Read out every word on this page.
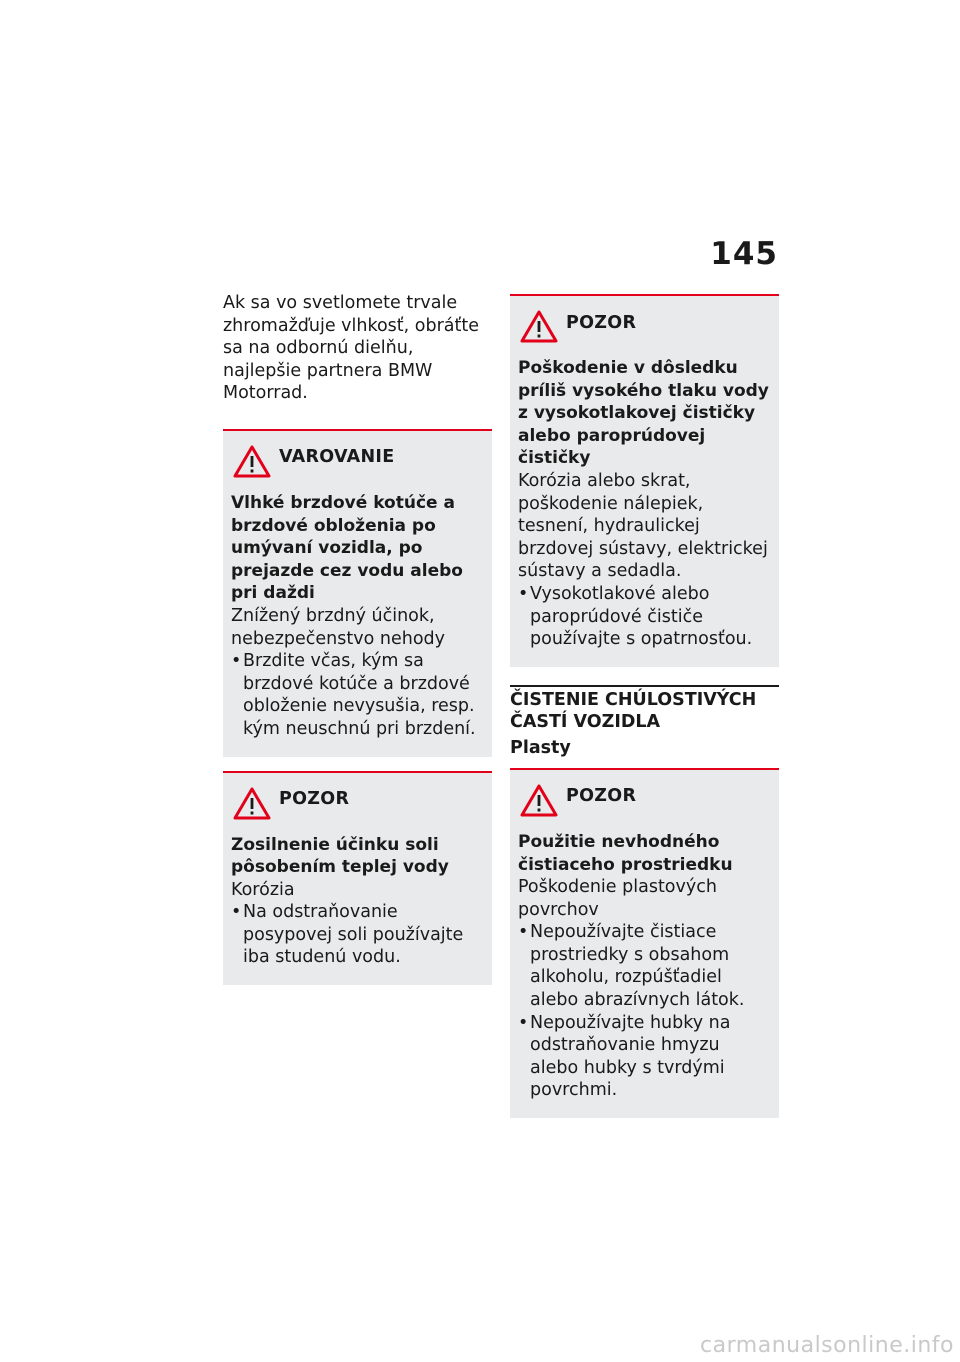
145

Ak sa vo svetlomete trvale zhromažďuje vlhkosť, obráťte sa na odbornú dielňu, najlepšie partnera BMW Motorrad.

VAROVANIE

Vlhké brzdové kotúče a brzdové obloženia po umývaní vozidla, po prejazde cez vodu alebo pri daždi

Znížený brzdný účinok, nebezpečenstvo nehody

• Brzdite včas, kým sa brzdové kotúče a brzdové obloženie nevysušia, resp. kým neuschnú pri brzdení.
POZOR

Zosilnenie účinku soli pôsobením teplej vody

Korózia

• Na odstraňovanie posypovej soli používajte iba studenú vodu.
POZOR

Poškodenie v dôsledku príliš vysokého tlaku vody z vysokotlakovej čističky alebo paroprúdovej čističky

Korózia alebo skrat, poškodenie nálepiek, tesnení, hydraulickej brzdovej sústavy, elektrickej sústavy a sedadla.

• Vysokotlakové alebo paroprúdové čističe používajte s opatrnosťou.

ČISTENIE CHÚLOSTIVÝCH ČASTÍ VOZIDLA

Plasty

POZOR

Použitie nevhodného čistiaceho prostriedku

Poškodenie plastových povrchov

• Nepoužívajte čistiace prostriedky s obsahom alkoholu, rozpúšťadiel alebo abrazívnych látok.
• Nepoužívajte hubky na odstraňovanie hmyzu alebo hubky s tvrdými povrchmi.
carmanualsonline.info
